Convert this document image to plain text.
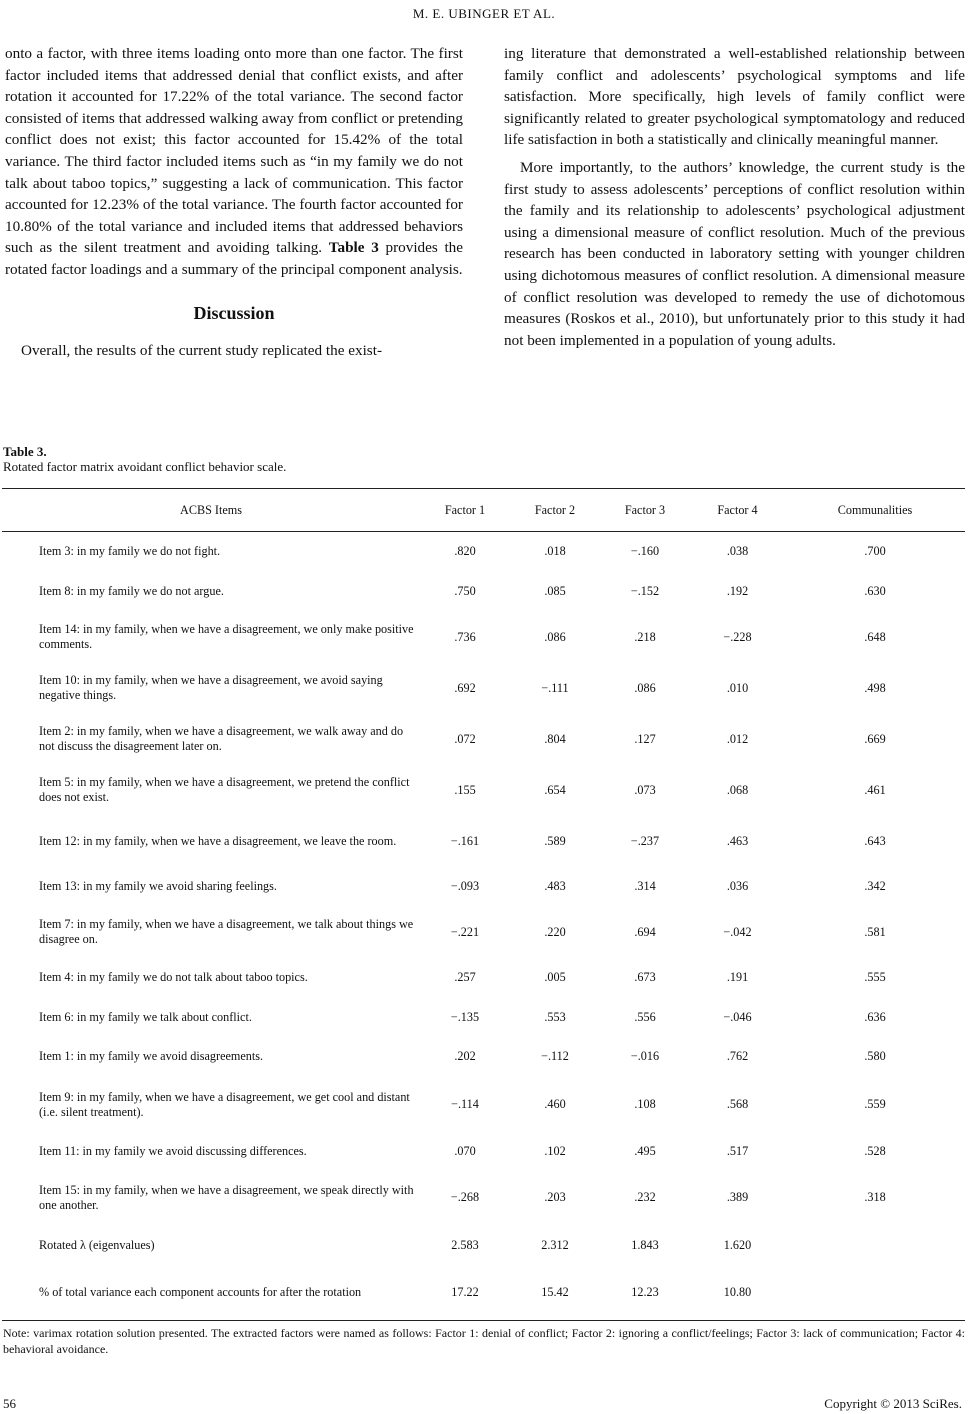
M. E. UBINGER ET AL.

onto a factor, with three items loading onto more than one factor. The first factor included items that addressed denial that conflict exists, and after rotation it accounted for 17.22% of the total variance. The second factor consisted of items that addressed walking away from conflict or pretending conflict does not exist; this factor accounted for 15.42% of the total variance. The third factor included items such as “in my family we do not talk about taboo topics,” suggesting a lack of communication. This factor accounted for 12.23% of the total variance. The fourth factor accounted for 10.80% of the total variance and included items that addressed behaviors such as the silent treatment and avoiding talking. Table 3 provides the rotated factor loadings and a summary of the principal component analysis.

Discussion

Overall, the results of the current study replicated the exist-

ing literature that demonstrated a well-established relationship between family conflict and adolescents’ psychological symptoms and life satisfaction. More specifically, high levels of family conflict were significantly related to greater psychological symptomatology and reduced life satisfaction in both a statistically and clinically meaningful manner.

More importantly, to the authors’ knowledge, the current study is the first study to assess adolescents’ perceptions of conflict resolution within the family and its relationship to adolescents’ psychological adjustment using a dimensional measure of conflict resolution. Much of the previous research has been conducted in laboratory setting with younger children using dichotomous measures of conflict resolution. A dimensional measure of conflict resolution was developed to remedy the use of dichotomous measures (Roskos et al., 2010), but unfortunately prior to this study it had not been implemented in a population of young adults.

Table 3.
Rotated factor matrix avoidant conflict behavior scale.
ACBS Items	Factor 1	Factor 2	Factor 3	Factor 4	Communalities
Item 3: in my family we do not fight.	.820	.018	−.160	.038	.700
Item 8: in my family we do not argue.	.750	.085	−.152	.192	.630
Item 14: in my family, when we have a disagreement, we only make positive comments.	.736	.086	.218	−.228	.648
Item 10: in my family, when we have a disagreement, we avoid saying negative things.	.692	−.111	.086	.010	.498
Item 2: in my family, when we have a disagreement, we walk away and do not discuss the disagreement later on.	.072	.804	.127	.012	.669
Item 5: in my family, when we have a disagreement, we pretend the conflict does not exist.	.155	.654	.073	.068	.461
Item 12: in my family, when we have a disagreement, we leave the room.	−.161	.589	−.237	.463	.643
Item 13: in my family we avoid sharing feelings.	−.093	.483	.314	.036	.342
Item 7: in my family, when we have a disagreement, we talk about things we disagree on.	−.221	.220	.694	−.042	.581
Item 4: in my family we do not talk about taboo topics.	.257	.005	.673	.191	.555
Item 6: in my family we talk about conflict.	−.135	.553	.556	−.046	.636
Item 1: in my family we avoid disagreements.	.202	−.112	−.016	.762	.580
Item 9: in my family, when we have a disagreement, we get cool and distant (i.e. silent treatment).	−.114	.460	.108	.568	.559
Item 11: in my family we avoid discussing differences.	.070	.102	.495	.517	.528
Item 15: in my family, when we have a disagreement, we speak directly with one another.	−.268	.203	.232	.389	.318
Rotated λ (eigenvalues)	2.583	2.312	1.843	1.620	
% of total variance each component accounts for after the rotation	17.22	15.42	12.23	10.80	
Note: varimax rotation solution presented. The extracted factors were named as follows: Factor 1: denial of conflict; Factor 2: ignoring a conflict/feelings; Factor 3: lack of communication; Factor 4: behavioral avoidance.
56	Copyright © 2013 SciRes.
